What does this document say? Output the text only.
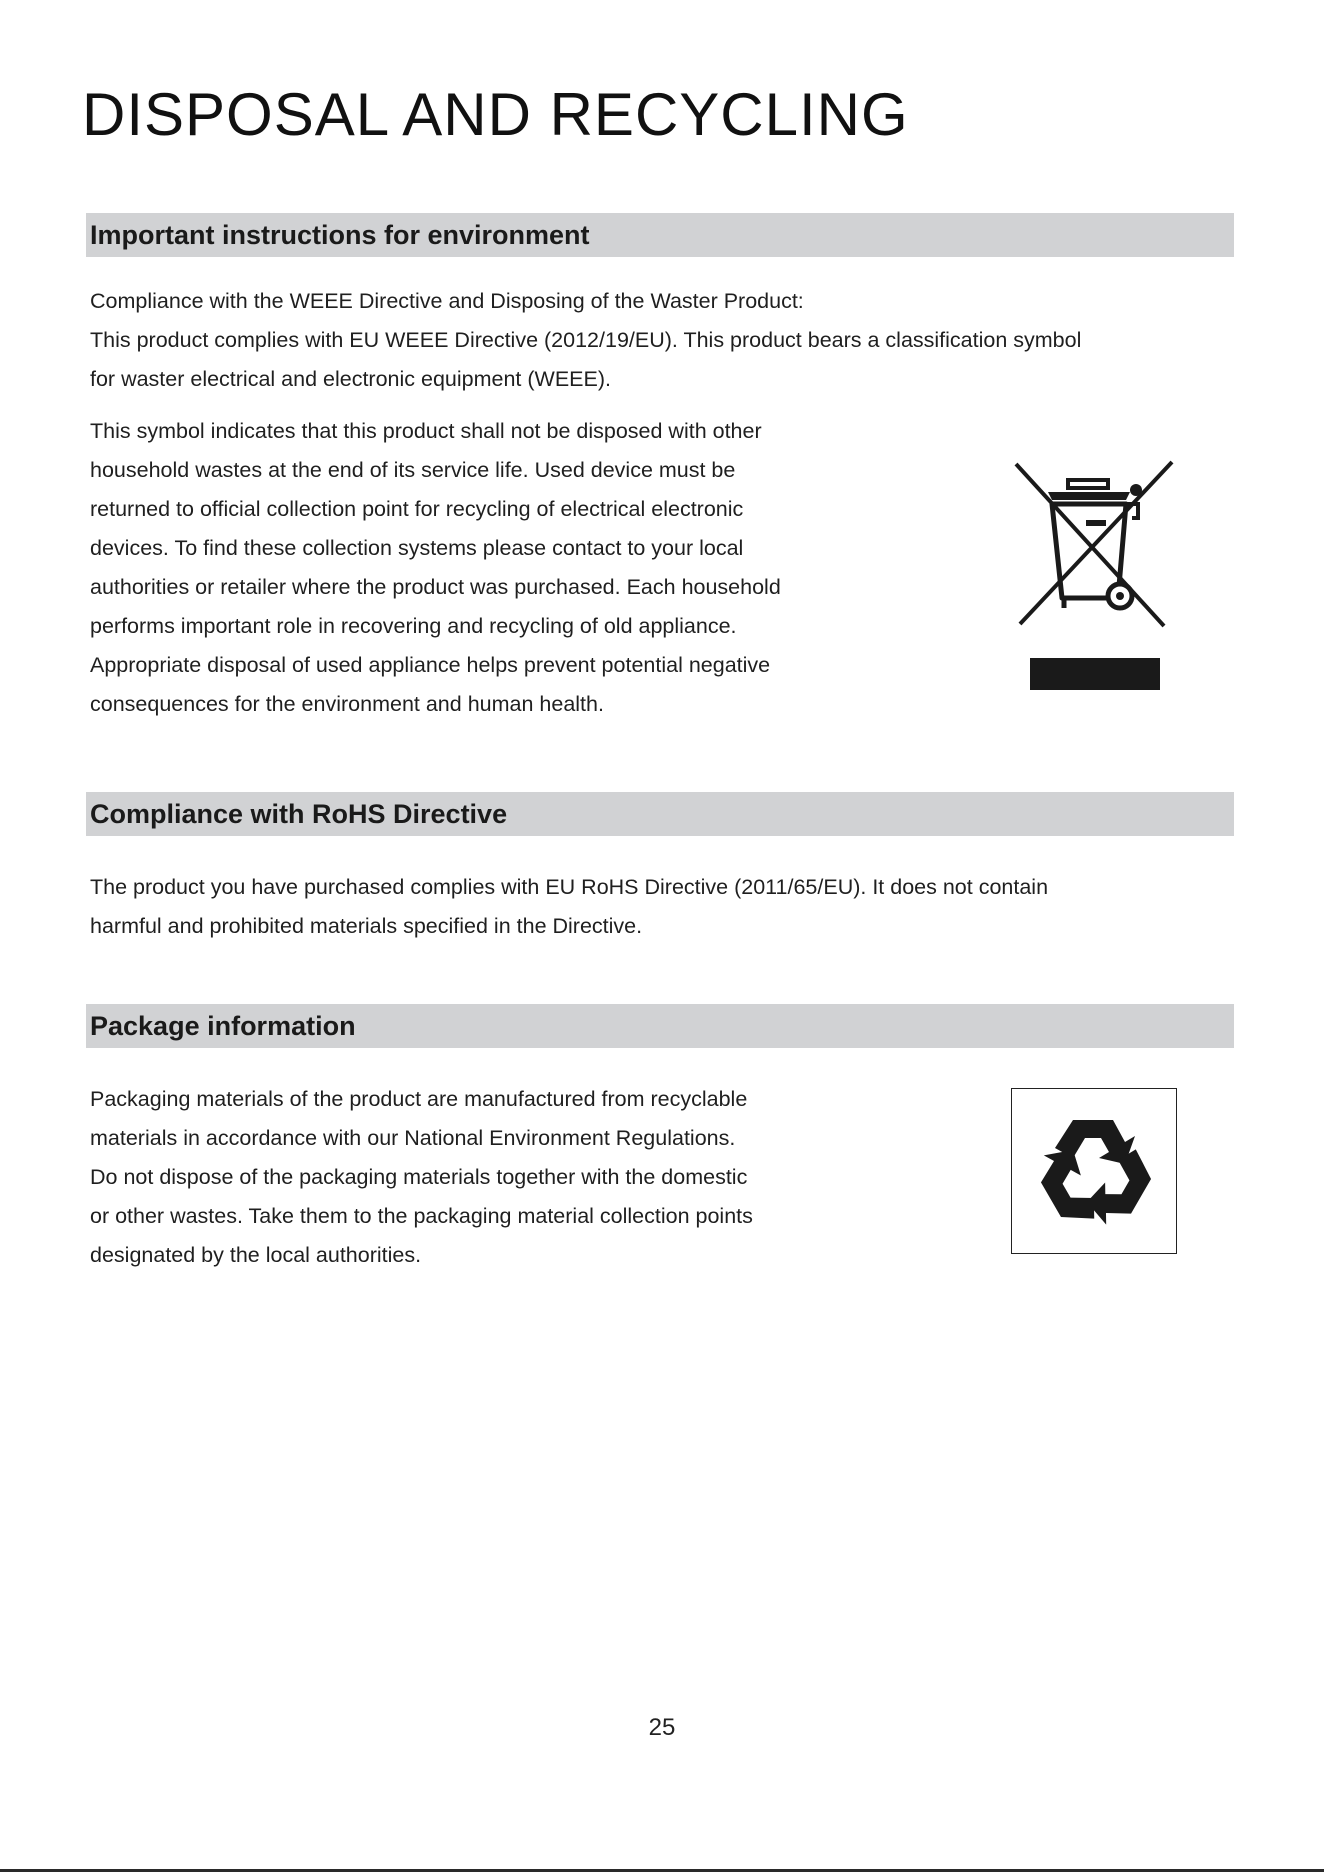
DISPOSAL AND RECYCLING
Important instructions for environment

Compliance with the WEEE Directive and Disposing of the Waster Product:
This product complies with EU WEEE Directive (2012/19/EU). This product bears a classification symbol
for waster electrical and electronic equipment (WEEE).

This symbol indicates that this product shall not be disposed with other
household wastes at the end of its service life. Used device must be
returned to official collection point for recycling of electrical electronic
devices. To find these collection systems please contact to your local
authorities or retailer where the product was purchased. Each household
performs important role in recovering and recycling of old appliance.
Appropriate disposal of used appliance helps prevent potential negative
consequences for the environment and human health.

Compliance with RoHS Directive

The product you have purchased complies with EU RoHS Directive (2011/65/EU). It does not contain
harmful and prohibited materials specified in the Directive.

Package information

Packaging materials of the product are manufactured from recyclable
materials in accordance with our National Environment Regulations.
Do not dispose of the packaging materials together with the domestic
or other wastes. Take them to the packaging material collection points
designated by the local authorities.

25
